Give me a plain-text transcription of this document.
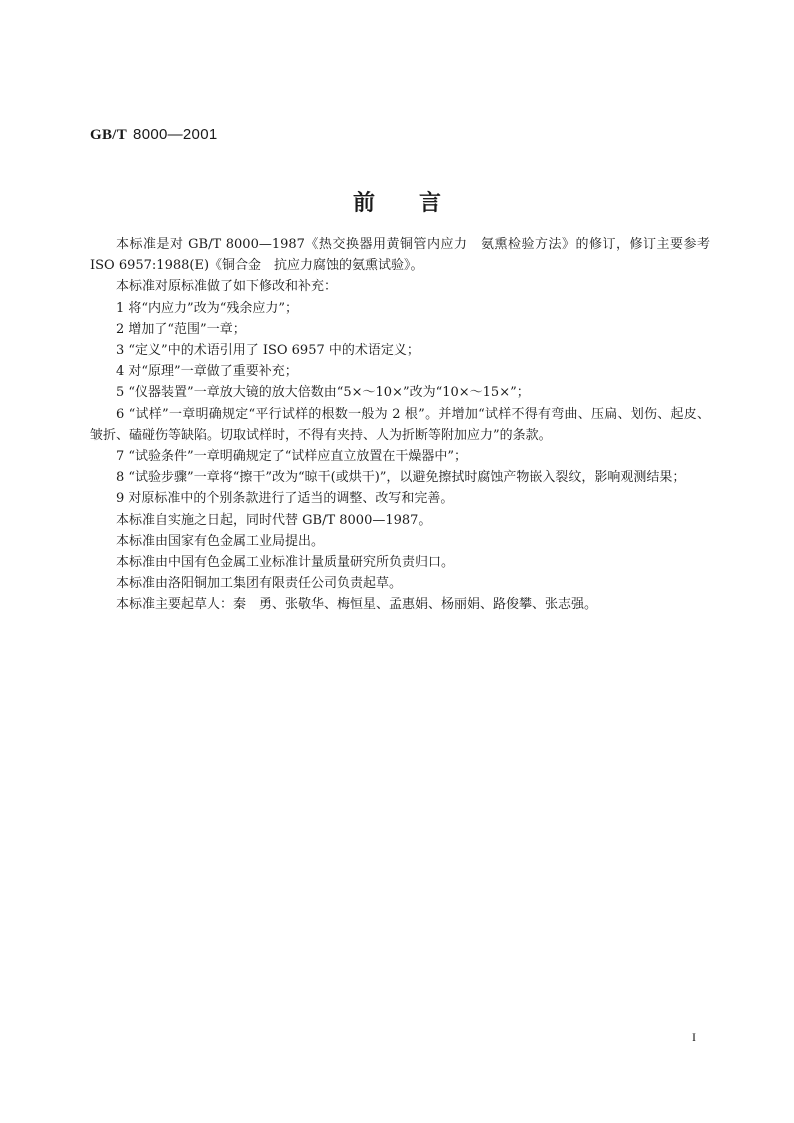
GB/T 8000—2001
前言

本标准是对 GB/T 8000—1987《热交换器用黄铜管内应力　氨熏检验方法》的修订，修订主要参考 ISO 6957:1988(E)《铜合金　抗应力腐蚀的氨熏试验》。

本标准对原标准做了如下修改和补充：

1 将“内应力”改为“残余应力”；

2 增加了“范围”一章；

3 “定义”中的术语引用了 ISO 6957 中的术语定义；

4 对“原理”一章做了重要补充；

5 “仪器装置”一章放大镜的放大倍数由“5×～10×”改为“10×～15×”；

6 “试样”一章明确规定“平行试样的根数一般为 2 根”。并增加“试样不得有弯曲、压扁、划伤、起皮、皱折、磕碰伤等缺陷。切取试样时，不得有夹持、人为折断等附加应力”的条款。

7 “试验条件”一章明确规定了“试样应直立放置在干燥器中”；

8 “试验步骤”一章将“擦干”改为“晾干(或烘干)”，以避免擦拭时腐蚀产物嵌入裂纹，影响观测结果；

9 对原标准中的个别条款进行了适当的调整、改写和完善。

本标准自实施之日起，同时代替 GB/T 8000—1987。

本标准由国家有色金属工业局提出。

本标准由中国有色金属工业标准计量质量研究所负责归口。

本标准由洛阳铜加工集团有限责任公司负责起草。

本标准主要起草人：秦　勇、张敬华、梅恒星、孟惠娟、杨丽娟、路俊攀、张志强。

I
